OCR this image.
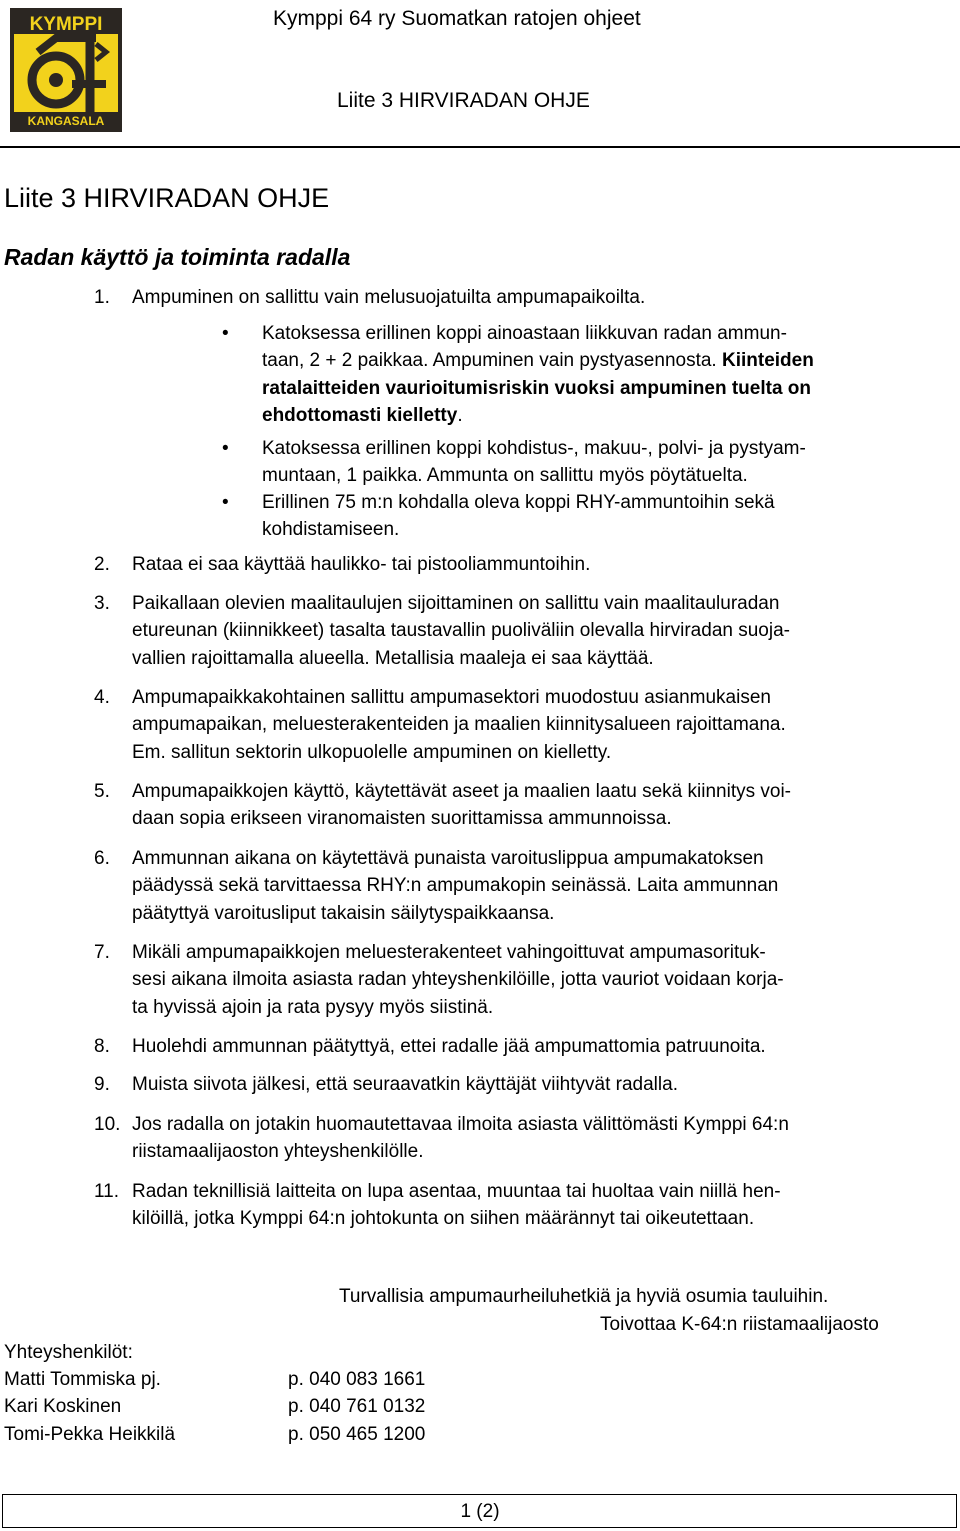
KYMPPI
KANGASALA
Kymppi 64 ry Suomatkan ratojen ohjeet
Liite 3 HIRVIRADAN OHJE
Liite 3 HIRVIRADAN OHJE
Radan käyttö ja toiminta radalla
1. Ampuminen on sallittu vain melusuojatuilta ampumapaikoilta.
• Katoksessa erillinen koppi ainoastaan liikkuvan radan ammun-
taan, 2 + 2 paikkaa. Ampuminen vain pystyasennosta. Kiinteiden
ratalaitteiden vaurioitumisriskin vuoksi ampuminen tuelta on
ehdottomasti kielletty.
• Katoksessa erillinen koppi kohdistus-, makuu-, polvi- ja pystyam-
muntaan, 1 paikka. Ammunta on sallittu myös pöytätuelta.
• Erillinen 75 m:n kohdalla oleva koppi RHY-ammuntoihin sekä
kohdistamiseen.
2. Rataa ei saa käyttää haulikko- tai pistooliammuntoihin.
3. Paikallaan olevien maalitaulujen sijoittaminen on sallittu vain maalitauluradan
etureunan (kiinnikkeet) tasalta taustavallin puoliväliin olevalla hirviradan suoja-
vallien rajoittamalla alueella. Metallisia maaleja ei saa käyttää.
4. Ampumapaikkakohtainen sallittu ampumasektori muodostuu asianmukaisen
ampumapaikan, meluesterakenteiden ja maalien kiinnitysalueen rajoittamana.
Em. sallitun sektorin ulkopuolelle ampuminen on kielletty.
5. Ampumapaikkojen käyttö, käytettävät aseet ja maalien laatu sekä kiinnitys voi-
daan sopia erikseen viranomaisten suorittamissa ammunnoissa.
6. Ammunnan aikana on käytettävä punaista varoituslippua ampumakatoksen
päädyssä sekä tarvittaessa RHY:n ampumakopin seinässä. Laita ammunnan
päätyttyä varoitusliput takaisin säilytyspaikkaansa.
7. Mikäli ampumapaikkojen meluesterakenteet vahingoittuvat ampumasorituk-
sesi aikana ilmoita asiasta radan yhteyshenkilöille, jotta vauriot voidaan korja-
ta hyvissä ajoin ja rata pysyy myös siistinä.
8. Huolehdi ammunnan päätyttyä, ettei radalle jää ampumattomia patruunoita.
9. Muista siivota jälkesi, että seuraavatkin käyttäjät viihtyvät radalla.
10. Jos radalla on jotakin huomautettavaa ilmoita asiasta välittömästi Kymppi 64:n
riistamaalijaoston yhteyshenkilölle.
11. Radan teknillisiä laitteita on lupa asentaa, muuntaa tai huoltaa vain niillä hen-
kilöillä, jotka Kymppi 64:n johtokunta on siihen määrännyt tai oikeutettaan.
Turvallisia ampumaurheiluhetkiä ja hyviä osumia tauluihin.
Toivottaa K-64:n riistamaalijaosto
Yhteyshenkilöt:
Matti Tommiska pj.	p. 040 083 1661
Kari Koskinen	p. 040 761 0132
Tomi-Pekka Heikkilä	p. 050 465 1200
1 (2)
